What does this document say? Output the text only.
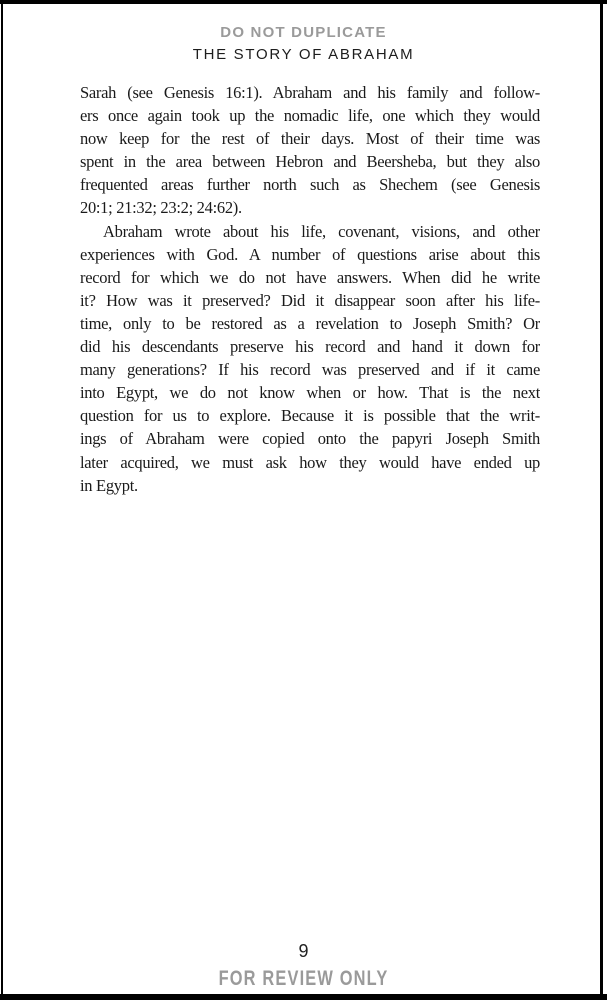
DO NOT DUPLICATE
THE STORY OF ABRAHAM
Sarah (see Genesis 16:1). Abraham and his family and follow-
ers once again took up the nomadic life, one which they would
now keep for the rest of their days. Most of their time was
spent in the area between Hebron and Beersheba, but they also
frequented areas further north such as Shechem (see Genesis
20:1; 21:32; 23:2; 24:62).
Abraham wrote about his life, covenant, visions, and other
experiences with God. A number of questions arise about this
record for which we do not have answers. When did he write
it? How was it preserved? Did it disappear soon after his life-
time, only to be restored as a revelation to Joseph Smith? Or
did his descendants preserve his record and hand it down for
many generations? If his record was preserved and if it came
into Egypt, we do not know when or how. That is the next
question for us to explore. Because it is possible that the writ-
ings of Abraham were copied onto the papyri Joseph Smith
later acquired, we must ask how they would have ended up
in Egypt.
9
FOR REVIEW ONLY
